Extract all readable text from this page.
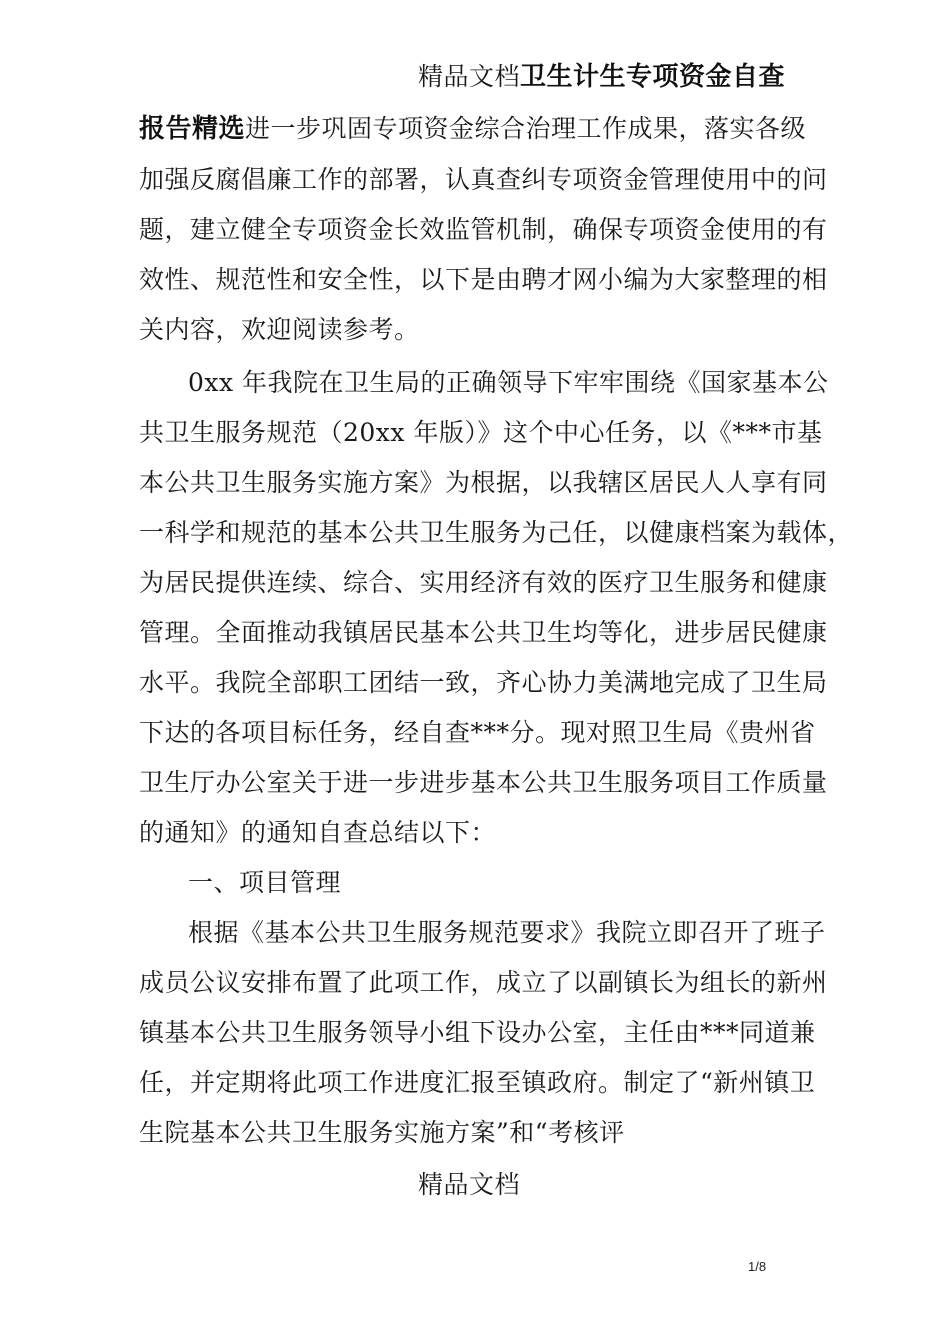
精品文档卫生计生专项资金自查
报告精选进一步巩固专项资金综合治理工作成果，落实各级
加强反腐倡廉工作的部署，认真查纠专项资金管理使用中的问
题，建立健全专项资金长效监管机制，确保专项资金使用的有
效性、规范性和安全性，以下是由聘才网小编为大家整理的相
关内容，欢迎阅读参考。
0xx 年我院在卫生局的正确领导下牢牢围绕《国家基本公
共卫生服务规范（20xx 年版）》这个中心任务，以《***市基
本公共卫生服务实施方案》为根据，以我辖区居民人人享有同
一科学和规范的基本公共卫生服务为己任，以健康档案为载体，
为居民提供连续、综合、实用经济有效的医疗卫生服务和健康
管理。全面推动我镇居民基本公共卫生均等化，进步居民健康
水平。我院全部职工团结一致，齐心协力美满地完成了卫生局
下达的各项目标任务，经自查***分。现对照卫生局《贵州省
卫生厅办公室关于进一步进步基本公共卫生服务项目工作质量
的通知》的通知自查总结以下：
一、项目管理
根据《基本公共卫生服务规范要求》我院立即召开了班子
成员公议安排布置了此项工作，成立了以副镇长为组长的新州
镇基本公共卫生服务领导小组下设办公室，主任由***同道兼
任，并定期将此项工作进度汇报至镇政府。制定了“新州镇卫
生院基本公共卫生服务实施方案”和“考核评
精品文档
1/8
